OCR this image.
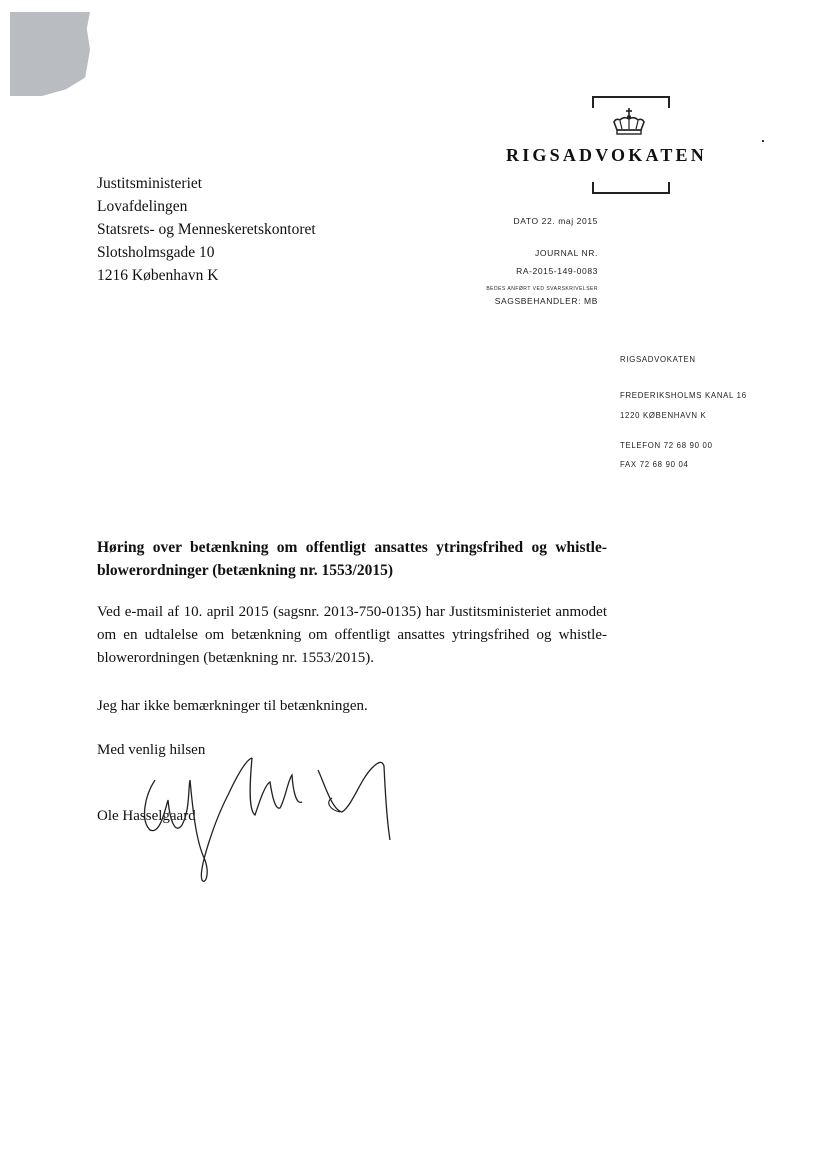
RIGSADVOKATEN
Justitsministeriet
Lovafdelingen
Statsrets- og Menneskeretskontoret
Slotsholmsgade 10
1216 København K
DATO 22. maj 2015
JOURNAL NR.
RA-2015-149-0083
BEDES ANFØRT VED SVARSKRIVELSER
SAGSBEHANDLER: MB
RIGSADVOKATEN
FREDERIKSHOLMS KANAL 16
1220 KØBENHAVN K
TELEFON 72 68 90 00
FAX 72 68 90 04
Høring over betænkning om offentligt ansattes ytringsfrihed og whistle-blowerordninger (betænkning nr. 1553/2015)
Ved e-mail af 10. april 2015 (sagsnr. 2013-750-0135) har Justitsministeriet anmodet om en udtalelse om betænkning om offentligt ansattes ytringsfrihed og whistle-blowerordningen (betænkning nr. 1553/2015).
Jeg har ikke bemærkninger til betænkningen.
Med venlig hilsen
Ole Hasselgaard
